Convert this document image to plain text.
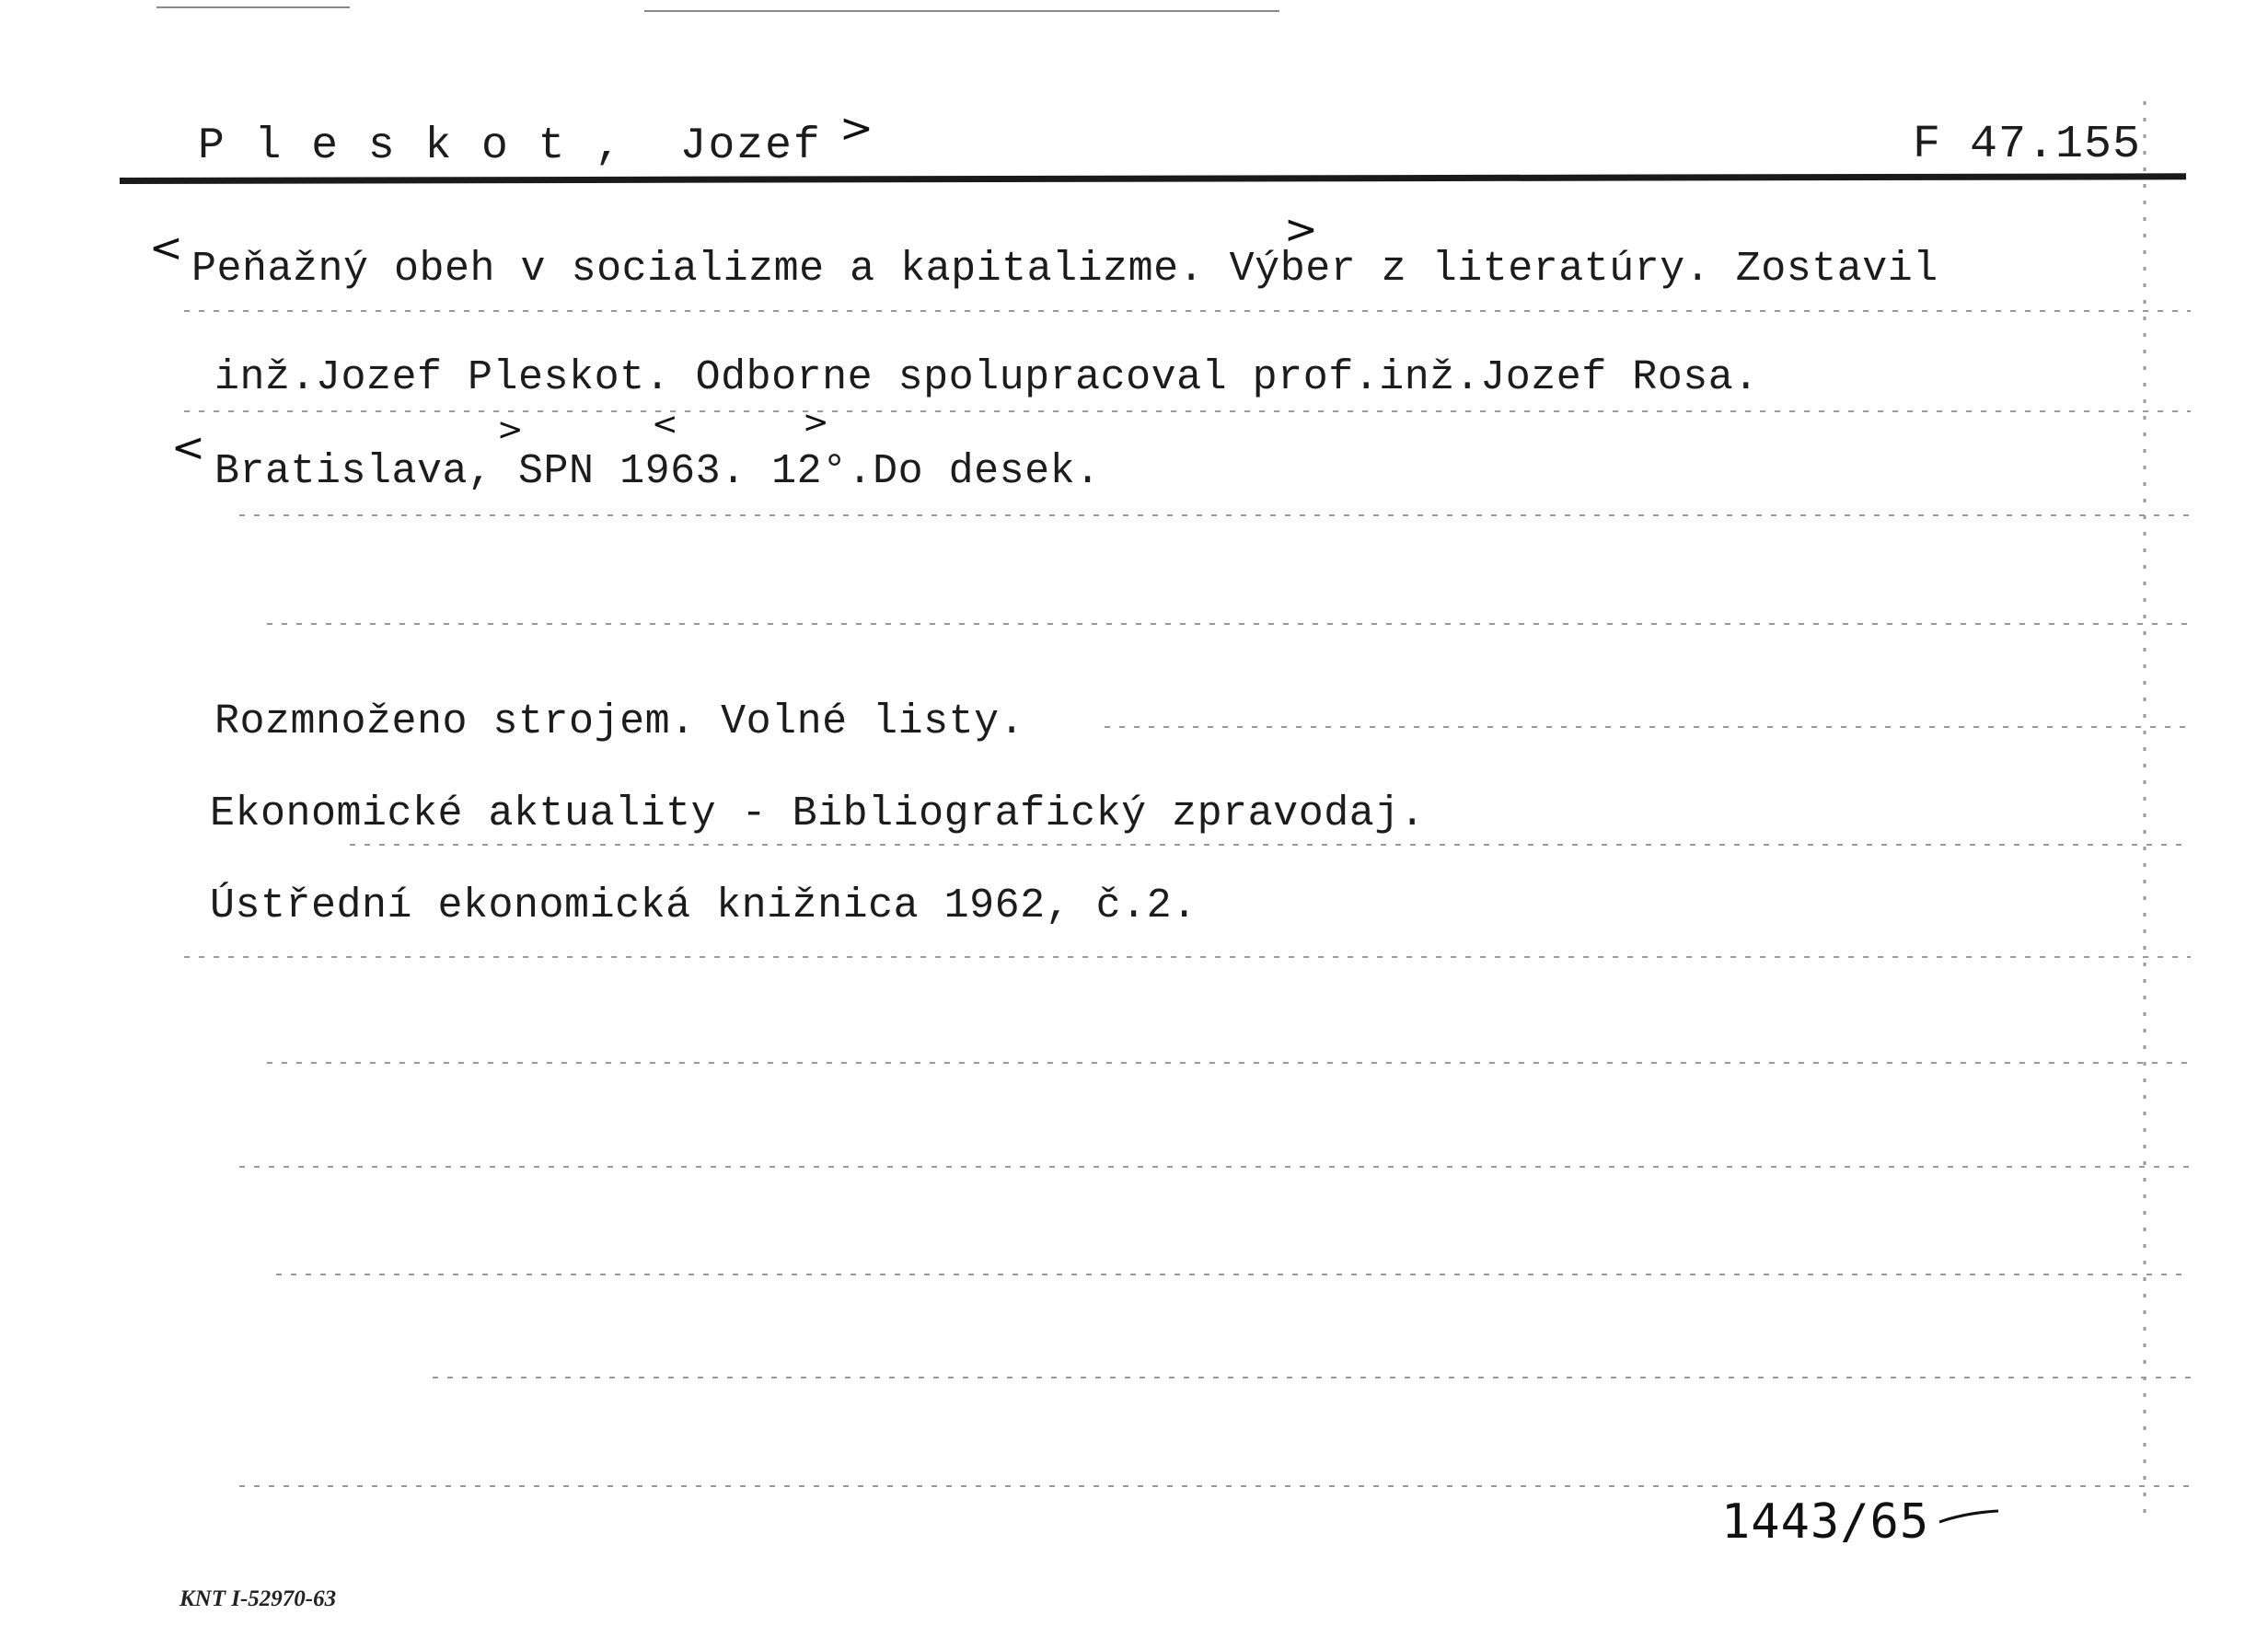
P l e s k o t ,  Jozef	F 47.155
>
<	>
<	>	<	>
Peňažný obeh v socializme a kapitalizme. Výber z literatúry. Zostavil
inž.Jozef Pleskot. Odborne spolupracoval prof.inž.Jozef Rosa.
Bratislava, SPN 1963. 12°.Do desek.
Rozmnoženo strojem. Volné listy.
Ekonomické aktuality - Bibliografický zpravodaj.
Ústřední ekonomická knižnica 1962, č.2.
1443/65
KNT I-52970-63
